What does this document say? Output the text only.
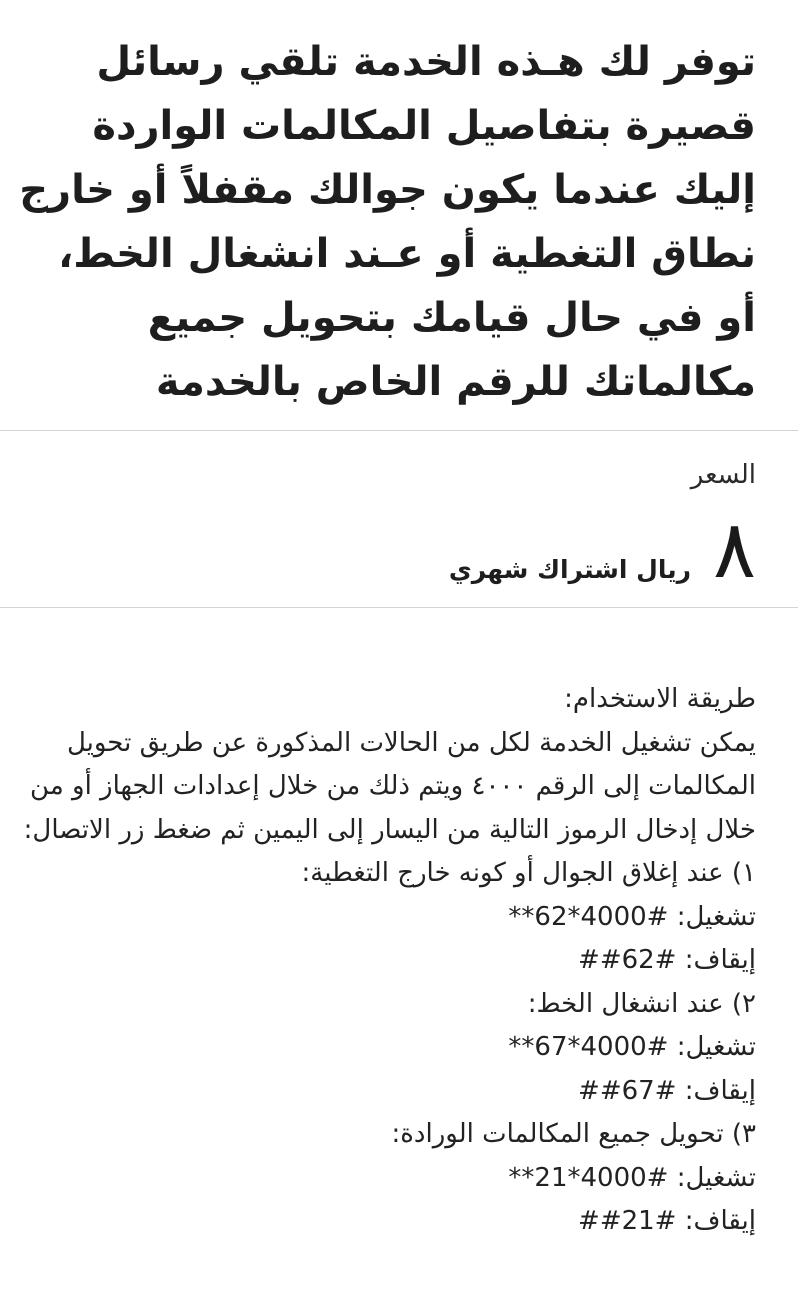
توفر لك هـذه الخدمة تلقي رسائل قصيرة بتفاصيل المكالمات الواردة إليك عندما يكون جوالك مقفلاً أو خارج نطاق التغطية أو عـند انشغال الخط، أو في حال قيامك بتحويل جميع مكالماتك للرقم الخاص بالخدمة
السعر
٨
ريال اشتراك شهري

طريقة الاستخدام:

يمكن تشغيل الخدمة لكل من الحالات المذكورة عن طريق تحويل المكالمات إلى الرقم ٤٠٠٠ ويتم ذلك من خلال إعدادات الجهاز أو من خلال إدخال الرموز التالية من اليسار إلى اليمين ثم ضغط زر الاتصال:

١) عند إغلاق الجوال أو كونه خارج التغطية:

تشغيل: **62*4000#

إيقاف: ##62#

٢) عند انشغال الخط:

تشغيل: **67*4000#

إيقاف: ##67#

٣) تحويل جميع المكالمات الورادة:

تشغيل: **21*4000#

إيقاف: ##21#
